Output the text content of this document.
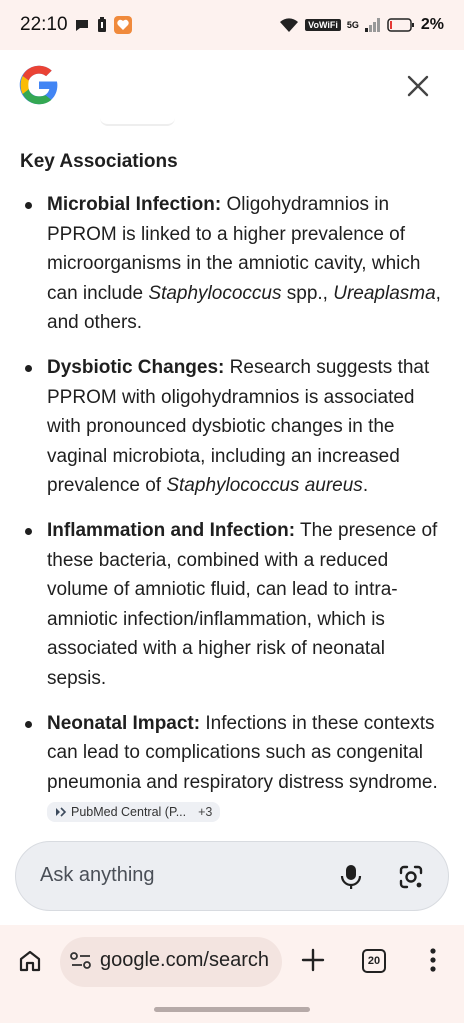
22:10	VoWiFi	5G	2%
Key Associations
Microbial Infection: Oligohydramnios in PPROM is linked to a higher prevalence of microorganisms in the amniotic cavity, which can include Staphylococcus spp., Ureaplasma, and others.
Dysbiotic Changes: Research suggests that PPROM with oligohydramnios is associated with pronounced dysbiotic changes in the vaginal microbiota, including an increased prevalence of Staphylococcus aureus.
Inflammation and Infection: The presence of these bacteria, combined with a reduced volume of amniotic fluid, can lead to intra-amniotic infection/inflammation, which is associated with a higher risk of neonatal sepsis.
Neonatal Impact: Infections in these contexts can lead to complications such as congenital pneumonia and respiratory distress syndrome.
PubMed Central (P... +3
Ask anything
google.com/search	20
